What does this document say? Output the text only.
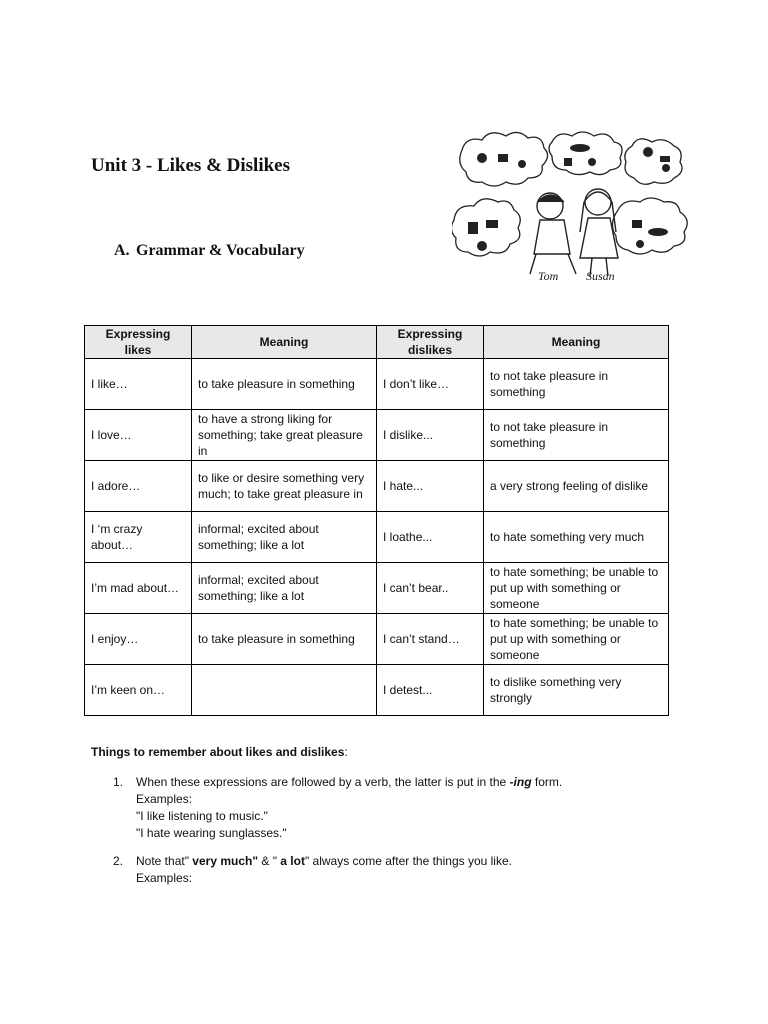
Unit 3 - Likes & Dislikes
A. Grammar & Vocabulary
Tom Susan
Expressing likes	Meaning	Expressing dislikes	Meaning
I like…	to take pleasure in something	I don’t like…	to not take pleasure in something
I love…	to have a strong liking for something; take great pleasure in	I dislike...	to not take pleasure in something
I adore…	to like or desire something very much; to take great pleasure in	I hate...	a very strong feeling of dislike
I ‘m crazy about…	informal; excited about something; like a lot	I loathe...	to hate something very much
I’m mad about…	informal; excited about something; like a lot	I can’t bear..	to hate something; be unable to put up with something or someone
I enjoy…	to take pleasure in something	I can’t stand…	to hate something; be unable to put up with something or someone
I’m keen on…		I detest...	to dislike something very strongly

Things to remember about likes and dislikes:

1. When these expressions are followed by a verb, the latter is put in the -ing form.
Examples:
"I like listening to music."
"I hate wearing sunglasses."
2. Note that" very much" & " a lot" always come after the things you like.
Examples:
